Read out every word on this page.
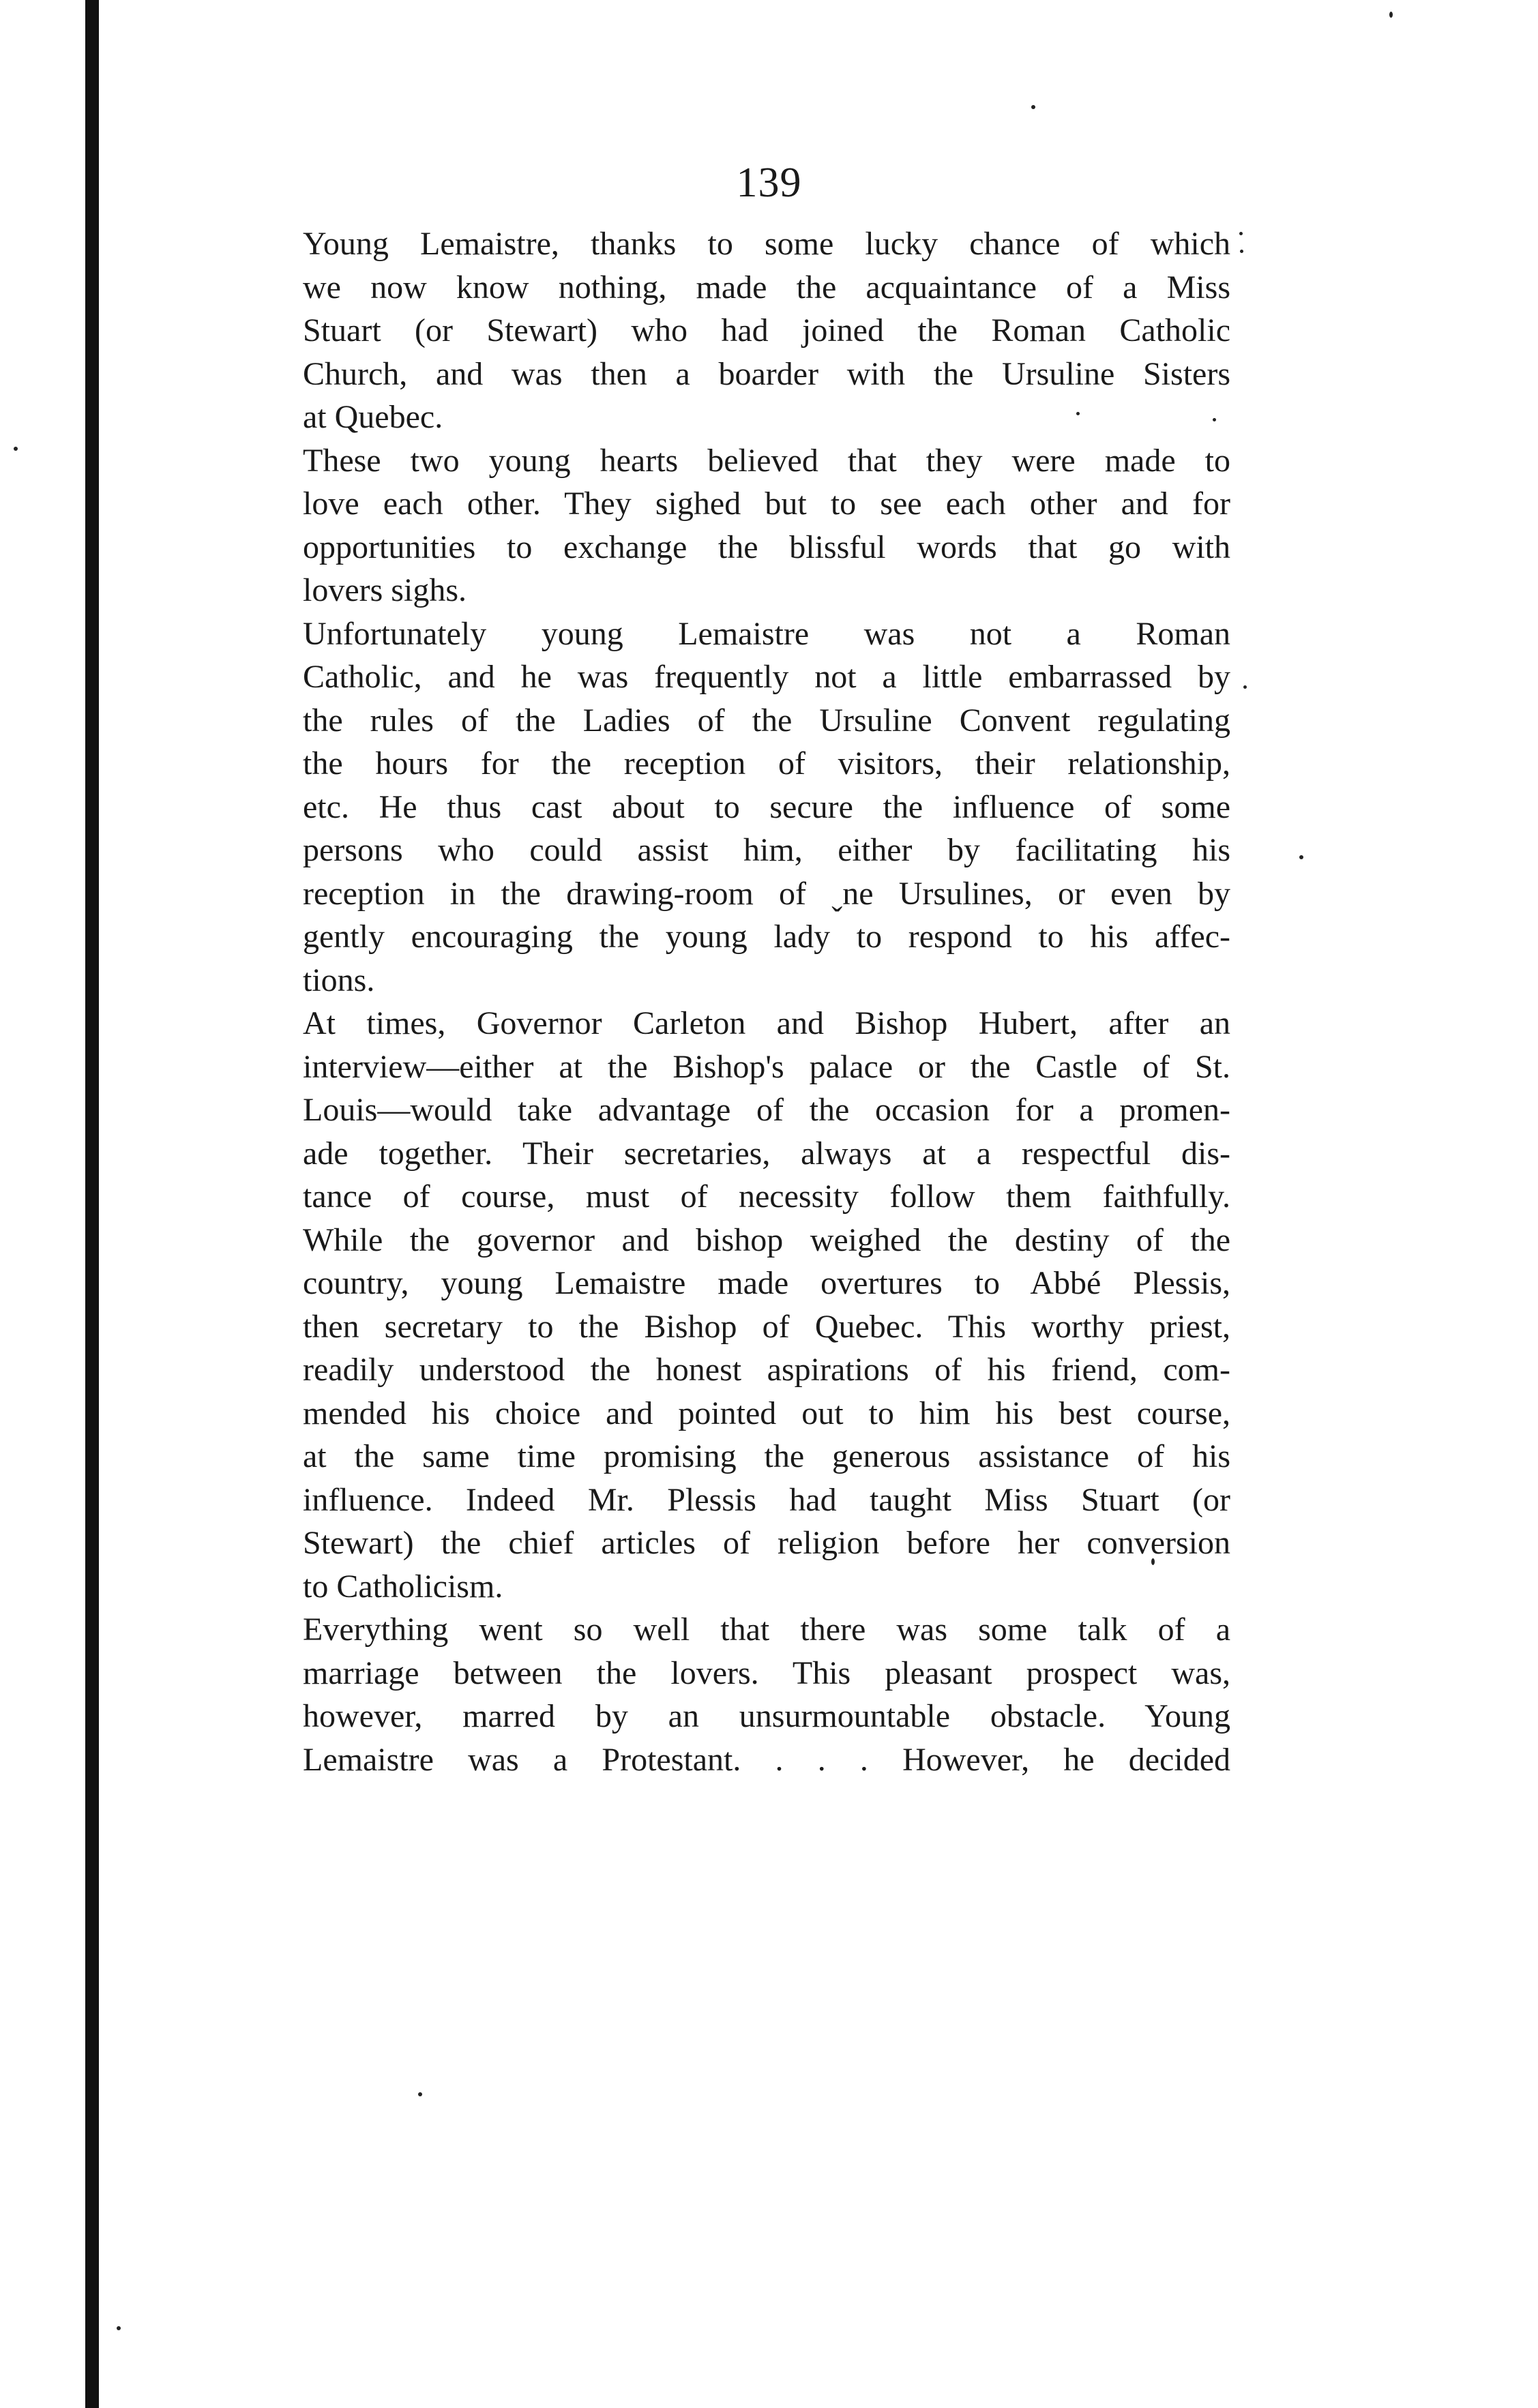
139

Young Lemaistre, thanks to some lucky chance of which
we now know nothing, made the acquaintance of a Miss
Stuart (or Stewart) who had joined the Roman Catholic
Church, and was then a boarder with the Ursuline Sisters
at Quebec.

These two young hearts believed that they were made to
love each other. They sighed but to see each other and for
opportunities to exchange the blissful words that go with
lovers sighs.

Unfortunately young Lemaistre was not a Roman
Catholic, and he was frequently not a little embarrassed by
the rules of the Ladies of the Ursuline Convent regulating
the hours for the reception of visitors, their relationship,
etc. He thus cast about to secure the influence of some
persons who could assist him, either by facilitating his
reception in the drawing-room of ˬne Ursulines, or even by
gently encouraging the young lady to respond to his affec-
tions.

At times, Governor Carleton and Bishop Hubert, after an
interview—either at the Bishop's palace or the Castle of St.
Louis—would take advantage of the occasion for a promen-
ade together. Their secretaries, always at a respectful dis-
tance of course, must of necessity follow them faithfully.
While the governor and bishop weighed the destiny of the
country, young Lemaistre made overtures to Abbé Plessis,
then secretary to the Bishop of Quebec. This worthy priest,
readily understood the honest aspirations of his friend, com-
mended his choice and pointed out to him his best course,
at the same time promising the generous assistance of his
influence. Indeed Mr. Plessis had taught Miss Stuart (or
Stewart) the chief articles of religion before her conversion
to Catholicism.

Everything went so well that there was some talk of a
marriage between the lovers. This pleasant prospect was,
however, marred by an unsurmountable obstacle. Young
Lemaistre was a Protestant. . . . However, he decided
